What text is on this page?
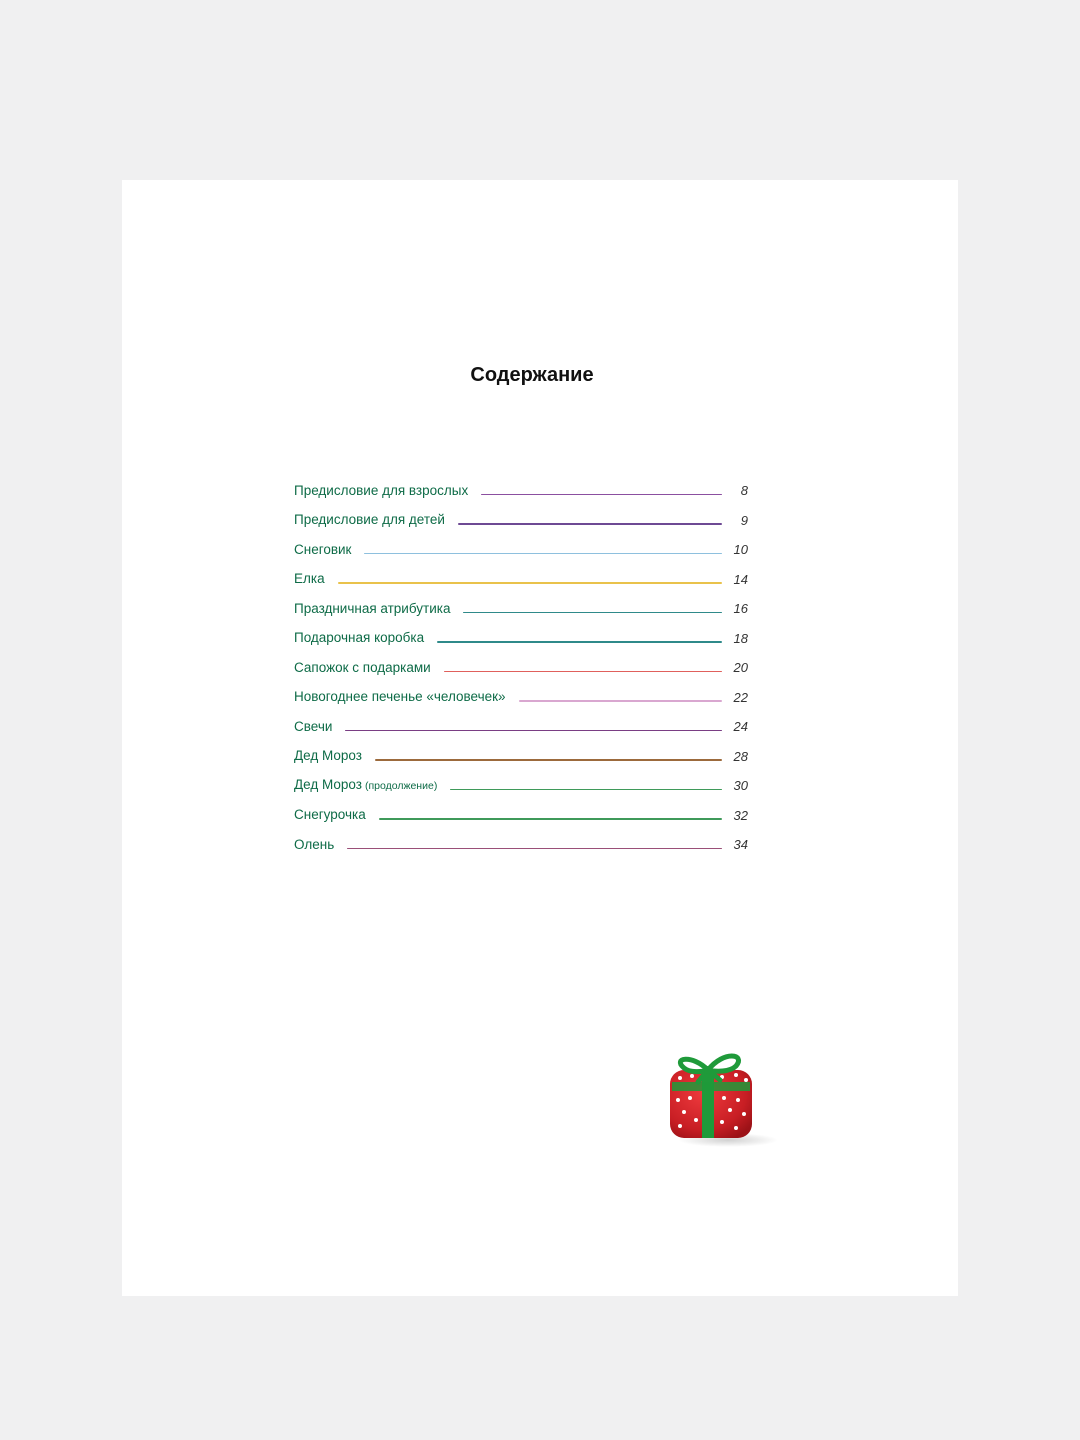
Содержание
Предисловие для взрослых	8
Предисловие для детей	9
Снеговик	10
Елка	14
Праздничная атрибутика	16
Подарочная коробка	18
Сапожок с подарками	20
Новогоднее печенье «человечек»	22
Свечи	24
Дед Мороз	28
Дед Мороз (продолжение)	30
Снегурочка	32
Олень	34
